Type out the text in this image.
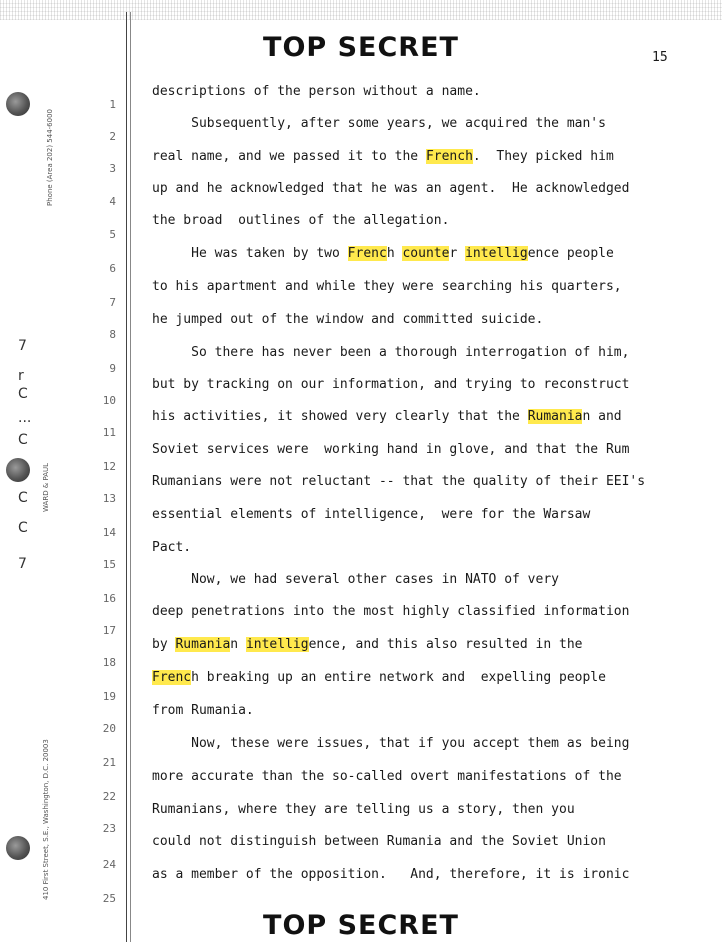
TOP SECRET	15
Phone (Area 202) 544-6000
WARD & PAUL
410 First Street, S.E., Washington, D.C. 20003
7
r
C
...
C
C
C
7
1
2
3
4
5
6
7
8
9
10
11
12
13
14
15
16
17
18
19
20
21
22
23
24
25
descriptions of the person without a name.
Subsequently, after some years, we acquired the man's
real name, and we passed it to the French.  They picked him
up and he acknowledged that he was an agent.  He acknowledged
the broad  outlines of the allegation.
He was taken by two French counter intelligence people
to his apartment and while they were searching his quarters,
he jumped out of the window and committed suicide.
So there has never been a thorough interrogation of him,
but by tracking on our information, and trying to reconstruct
his activities, it showed very clearly that the Rumanian and
Soviet services were  working hand in glove, and that the Rum
Rumanians were not reluctant -- that the quality of their EEI's
essential elements of intelligence,  were for the Warsaw
Pact.
Now, we had several other cases in NATO of very
deep penetrations into the most highly classified information
by Rumanian intelligence, and this also resulted in the
French breaking up an entire network and  expelling people
from Rumania.
Now, these were issues, that if you accept them as being
more accurate than the so-called overt manifestations of the
Rumanians, where they are telling us a story, then you
could not distinguish between Rumania and the Soviet Union
as a member of the opposition.   And, therefore, it is ironic
TOP SECRET
